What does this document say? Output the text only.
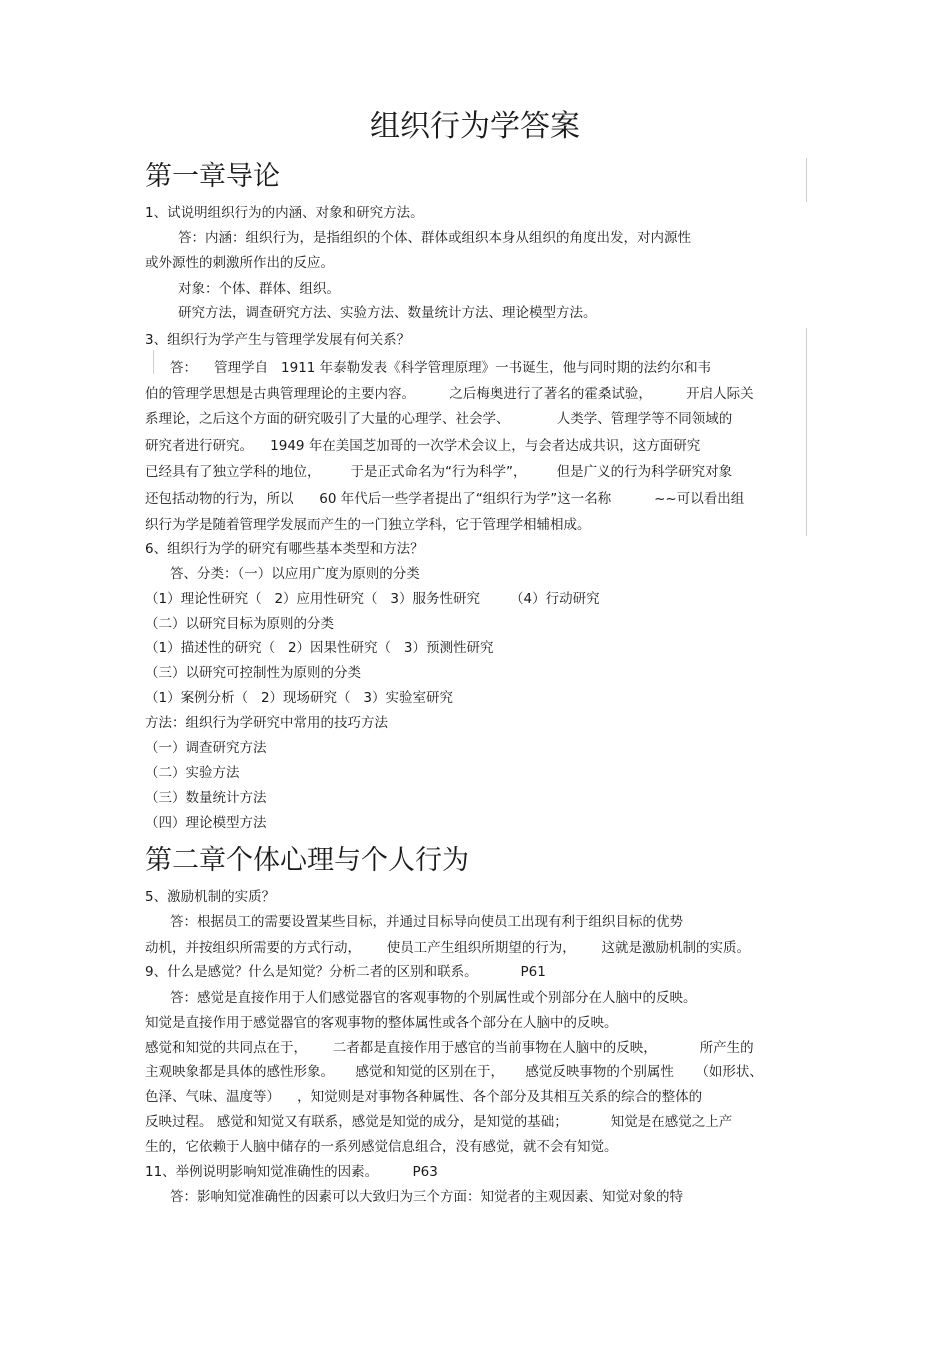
组织行为学答案
第一章导论
1、试说明组织行为的内涵、对象和研究方法。
答：内涵：组织行为，是指组织的个体、群体或组织本身从组织的角度出发，对内源性
或外源性的刺激所作出的反应。
对象：个体、群体、组织。
研究方法，调查研究方法、实验方法、数量统计方法、理论模型方法。
3、组织行为学产生与管理学发展有何关系？
答：    管理学自   1911 年泰勒发表《科学管理原理》一书诞生，他与同时期的法约尔和韦
伯的管理学思想是古典管理理论的主要内容。        之后梅奥进行了著名的霍桑试验，        开启人际关
系理论，之后这个方面的研究吸引了大量的心理学、社会学、           人类学、管理学等不同领域的
研究者进行研究。    1949 年在美国芝加哥的一次学术会议上，与会者达成共识，这方面研究
已经具有了独立学科的地位，       于是正式命名为“行为科学”，       但是广义的行为科学研究对象
还包括动物的行为，所以      60 年代后一些学者提出了“组织行为学”这一名称          ~~可以看出组
织行为学是随着管理学发展而产生的一门独立学科，它于管理学相辅相成。
6、组织行为学的研究有哪些基本类型和方法？
答、分类：（一）以应用广度为原则的分类
（1）理论性研究（   2）应用性研究（   3）服务性研究       （4）行动研究
（二）以研究目标为原则的分类
（1）描述性的研究（   2）因果性研究（   3）预测性研究
（三）以研究可控制性为原则的分类
（1）案例分析（   2）现场研究（   3）实验室研究
方法：组织行为学研究中常用的技巧方法
（一）调查研究方法
（二）实验方法
（三）数量统计方法
（四）理论模型方法
第二章个体心理与个人行为
5、激励机制的实质？
答：根据员工的需要设置某些目标，并通过目标导向使员工出现有利于组织目标的优势
动机，并按组织所需要的方式行动，      使员工产生组织所期望的行为，      这就是激励机制的实质。
9、什么是感觉？什么是知觉？分析二者的区别和联系。          P61
答：感觉是直接作用于人们感觉器官的客观事物的个别属性或个别部分在人脑中的反映。
知觉是直接作用于感觉器官的客观事物的整体属性或各个部分在人脑中的反映。
感觉和知觉的共同点在于，      二者都是直接作用于感官的当前事物在人脑中的反映，          所产生的
主观映象都是具体的感性形象。     感觉和知觉的区别在于，     感觉反映事物的个别属性     （如形状、
色泽、气味、温度等）    ，知觉则是对事物各种属性、各个部分及其相互关系的综合的整体的
反映过程。 感觉和知觉又有联系，感觉是知觉的成分，是知觉的基础；          知觉是在感觉之上产
生的，它依赖于人脑中储存的一系列感觉信息组合，没有感觉，就不会有知觉。
11、举例说明影响知觉准确性的因素。        P63
答：影响知觉准确性的因素可以大致归为三个方面：知觉者的主观因素、知觉对象的特
